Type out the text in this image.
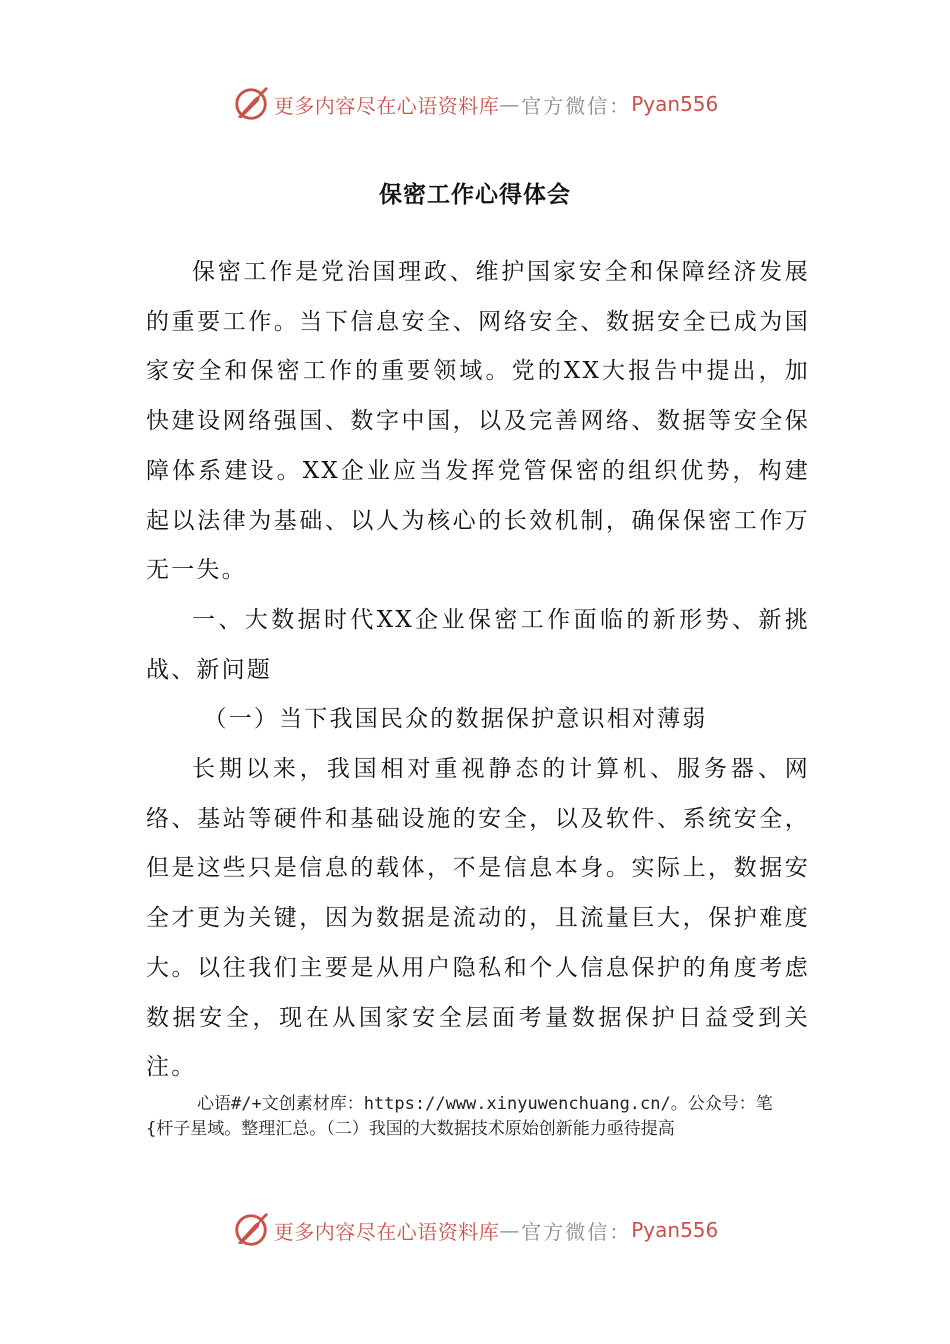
更多内容尽在心语资料库 — 官方微信： Pyan556
保密工作心得体会

保密工作是党治国理政、维护国家安全和保障经济发展的重要工作。当下信息安全、网络安全、数据安全已成为国家安全和保密工作的重要领域。党的XX大报告中提出，加快建设网络强国、数字中国，以及完善网络、数据等安全保障体系建设。XX企业应当发挥党管保密的组织优势，构建起以法律为基础、以人为核心的长效机制，确保保密工作万无一失。

一、大数据时代XX企业保密工作面临的新形势、新挑战、新问题

（一）当下我国民众的数据保护意识相对薄弱

长期以来，我国相对重视静态的计算机、服务器、网络、基站等硬件和基础设施的安全，以及软件、系统安全，但是这些只是信息的载体，不是信息本身。实际上，数据安全才更为关键，因为数据是流动的，且流量巨大，保护难度大。以往我们主要是从用户隐私和个人信息保护的角度考虑数据安全，现在从国家安全层面考量数据保护日益受到关注。

心语#/+文创素材库：https://www.xinyuwenchuang.cn/。公众号：笔{杆子星域。整理汇总。（二）我国的大数据技术原始创新能力亟待提高

更多内容尽在心语资料库 — 官方微信： Pyan556
